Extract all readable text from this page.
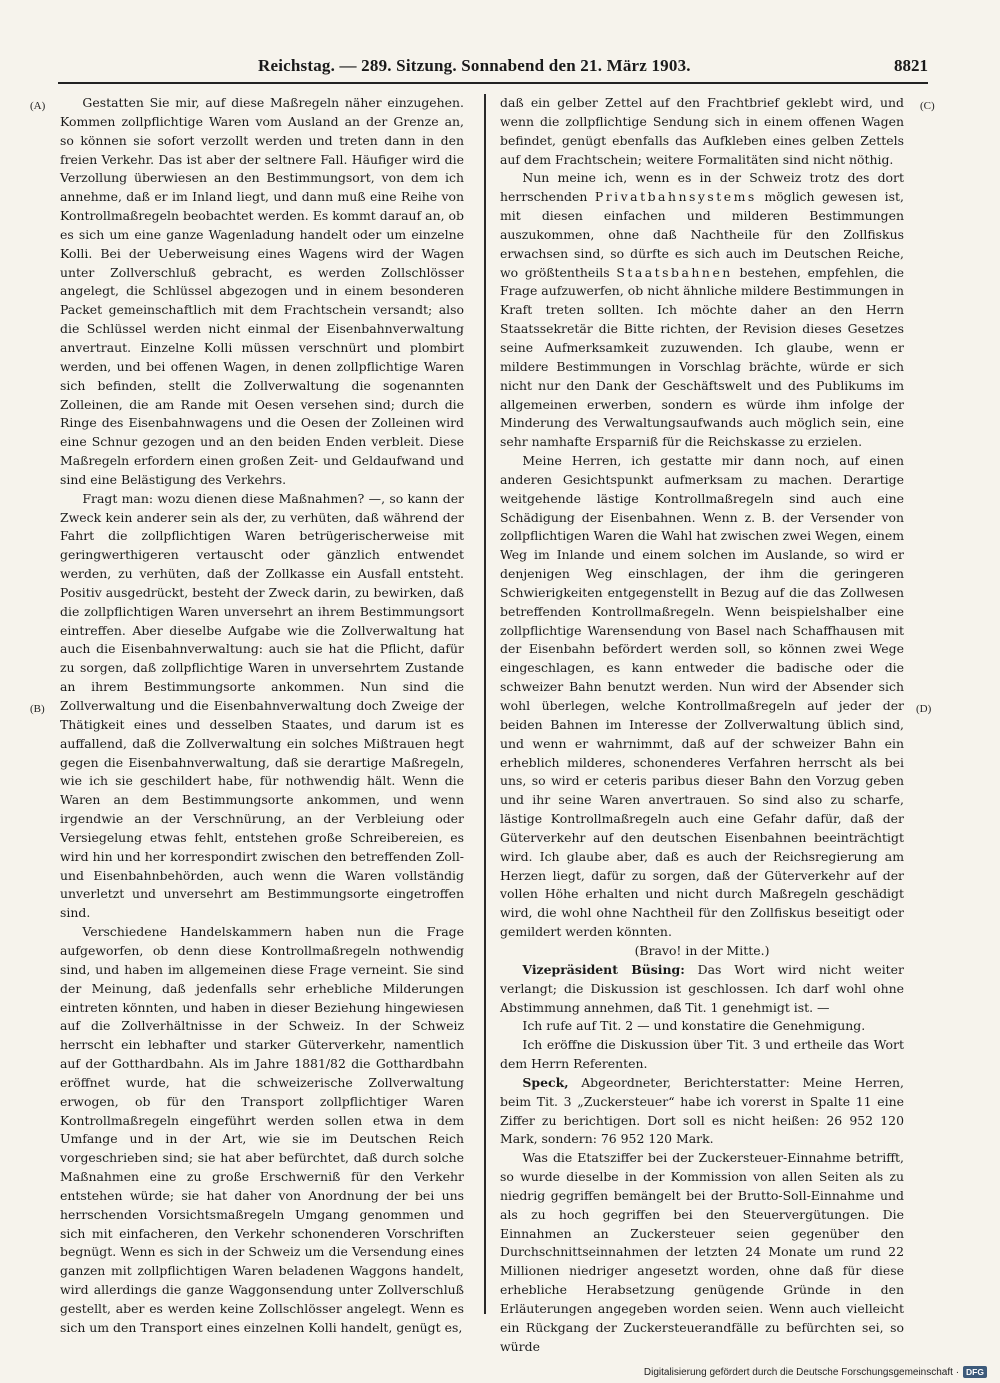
Reichstag. — 289. Sitzung. Sonnabend den 21. März 1903.	8821
(A)
(B)
(C)
(D)

Gestatten Sie mir, auf diese Maßregeln näher einzugehen. Kommen zollpflichtige Waren vom Ausland an der Grenze an, so können sie sofort verzollt werden und treten dann in den freien Verkehr. Das ist aber der seltnere Fall. Häufiger wird die Verzollung überwiesen an den Bestimmungsort, von dem ich annehme, daß er im Inland liegt, und dann muß eine Reihe von Kontrollmaßregeln beobachtet werden. Es kommt darauf an, ob es sich um eine ganze Wagenladung handelt oder um einzelne Kolli. Bei der Ueberweisung eines Wagens wird der Wagen unter Zollverschluß gebracht, es werden Zollschlösser angelegt, die Schlüssel abgezogen und in einem besonderen Packet gemeinschaftlich mit dem Frachtschein versandt; also die Schlüssel werden nicht einmal der Eisenbahnverwaltung anvertraut. Einzelne Kolli müssen verschnürt und plombirt werden, und bei offenen Wagen, in denen zollpflichtige Waren sich befinden, stellt die Zollverwaltung die sogenannten Zolleinen, die am Rande mit Oesen versehen sind; durch die Ringe des Eisenbahnwagens und die Oesen der Zolleinen wird eine Schnur gezogen und an den beiden Enden verbleit. Diese Maßregeln erfordern einen großen Zeit- und Geldaufwand und sind eine Belästigung des Verkehrs.

Fragt man: wozu dienen diese Maßnahmen? —, so kann der Zweck kein anderer sein als der, zu verhüten, daß während der Fahrt die zollpflichtigen Waren betrügerischerweise mit geringwerthigeren vertauscht oder gänzlich entwendet werden, zu verhüten, daß der Zollkasse ein Ausfall entsteht. Positiv ausgedrückt, besteht der Zweck darin, zu bewirken, daß die zollpflichtigen Waren unversehrt an ihrem Bestimmungsort eintreffen. Aber dieselbe Aufgabe wie die Zollverwaltung hat auch die Eisenbahnverwaltung: auch sie hat die Pflicht, dafür zu sorgen, daß zollpflichtige Waren in unversehrtem Zustande an ihrem Bestimmungsorte ankommen. Nun sind die Zollverwaltung und die Eisenbahnverwaltung doch Zweige der Thätigkeit eines und desselben Staates, und darum ist es auffallend, daß die Zollverwaltung ein solches Mißtrauen hegt gegen die Eisenbahnverwaltung, daß sie derartige Maßregeln, wie ich sie geschildert habe, für nothwendig hält. Wenn die Waren an dem Bestimmungsorte ankommen, und wenn irgendwie an der Verschnürung, an der Verbleiung oder Versiegelung etwas fehlt, entstehen große Schreibereien, es wird hin und her korrespondirt zwischen den betreffenden Zoll- und Eisenbahnbehörden, auch wenn die Waren vollständig unverletzt und unversehrt am Bestimmungsorte eingetroffen sind.

Verschiedene Handelskammern haben nun die Frage aufgeworfen, ob denn diese Kontrollmaßregeln nothwendig sind, und haben im allgemeinen diese Frage verneint. Sie sind der Meinung, daß jedenfalls sehr erhebliche Milderungen eintreten könnten, und haben in dieser Beziehung hingewiesen auf die Zollverhältnisse in der Schweiz. In der Schweiz herrscht ein lebhafter und starker Güterverkehr, namentlich auf der Gotthardbahn. Als im Jahre 1881/82 die Gotthardbahn eröffnet wurde, hat die schweizerische Zollverwaltung erwogen, ob für den Transport zollpflichtiger Waren Kontrollmaßregeln eingeführt werden sollen etwa in dem Umfange und in der Art, wie sie im Deutschen Reich vorgeschrieben sind; sie hat aber befürchtet, daß durch solche Maßnahmen eine zu große Erschwerniß für den Verkehr entstehen würde; sie hat daher von Anordnung der bei uns herrschenden Vorsichtsmaßregeln Umgang genommen und sich mit einfacheren, den Verkehr schonenderen Vorschriften begnügt. Wenn es sich in der Schweiz um die Versendung eines ganzen mit zollpflichtigen Waren beladenen Waggons handelt, wird allerdings die ganze Waggonsendung unter Zollverschluß gestellt, aber es werden keine Zollschlösser angelegt. Wenn es sich um den Transport eines einzelnen Kolli handelt, genügt es,

daß ein gelber Zettel auf den Frachtbrief geklebt wird, und wenn die zollpflichtige Sendung sich in einem offenen Wagen befindet, genügt ebenfalls das Aufkleben eines gelben Zettels auf dem Frachtschein; weitere Formalitäten sind nicht nöthig.

Nun meine ich, wenn es in der Schweiz trotz des dort herrschenden Privatbahnsystems möglich gewesen ist, mit diesen einfachen und milderen Bestimmungen auszukommen, ohne daß Nachtheile für den Zollfiskus erwachsen sind, so dürfte es sich auch im Deutschen Reiche, wo größtentheils Staatsbahnen bestehen, empfehlen, die Frage aufzuwerfen, ob nicht ähnliche mildere Bestimmungen in Kraft treten sollten. Ich möchte daher an den Herrn Staatssekretär die Bitte richten, der Revision dieses Gesetzes seine Aufmerksamkeit zuzuwenden. Ich glaube, wenn er mildere Bestimmungen in Vorschlag brächte, würde er sich nicht nur den Dank der Geschäftswelt und des Publikums im allgemeinen erwerben, sondern es würde ihm infolge der Minderung des Verwaltungsaufwands auch möglich sein, eine sehr namhafte Ersparniß für die Reichskasse zu erzielen.

Meine Herren, ich gestatte mir dann noch, auf einen anderen Gesichtspunkt aufmerksam zu machen. Derartige weitgehende lästige Kontrollmaßregeln sind auch eine Schädigung der Eisenbahnen. Wenn z. B. der Versender von zollpflichtigen Waren die Wahl hat zwischen zwei Wegen, einem Weg im Inlande und einem solchen im Auslande, so wird er denjenigen Weg einschlagen, der ihm die geringeren Schwierigkeiten entgegenstellt in Bezug auf die das Zollwesen betreffenden Kontrollmaßregeln. Wenn beispielshalber eine zollpflichtige Warensendung von Basel nach Schaffhausen mit der Eisenbahn befördert werden soll, so können zwei Wege eingeschlagen, es kann entweder die badische oder die schweizer Bahn benutzt werden. Nun wird der Absender sich wohl überlegen, welche Kontrollmaßregeln auf jeder der beiden Bahnen im Interesse der Zollverwaltung üblich sind, und wenn er wahrnimmt, daß auf der schweizer Bahn ein erheblich milderes, schonenderes Verfahren herrscht als bei uns, so wird er ceteris paribus dieser Bahn den Vorzug geben und ihr seine Waren anvertrauen. So sind also zu scharfe, lästige Kontrollmaßregeln auch eine Gefahr dafür, daß der Güterverkehr auf den deutschen Eisenbahnen beeinträchtigt wird. Ich glaube aber, daß es auch der Reichsregierung am Herzen liegt, dafür zu sorgen, daß der Güterverkehr auf der vollen Höhe erhalten und nicht durch Maßregeln geschädigt wird, die wohl ohne Nachtheil für den Zollfiskus beseitigt oder gemildert werden könnten.

(Bravo! in der Mitte.)

Vizepräsident Büsing: Das Wort wird nicht weiter verlangt; die Diskussion ist geschlossen. Ich darf wohl ohne Abstimmung annehmen, daß Tit. 1 genehmigt ist. —

Ich rufe auf Tit. 2 — und konstatire die Genehmigung.

Ich eröffne die Diskussion über Tit. 3 und ertheile das Wort dem Herrn Referenten.

Speck, Abgeordneter, Berichterstatter: Meine Herren, beim Tit. 3 „Zuckersteuer“ habe ich vorerst in Spalte 11 eine Ziffer zu berichtigen. Dort soll es nicht heißen: 26 952 120 Mark, sondern: 76 952 120 Mark.

Was die Etatsziffer bei der Zuckersteuer-Einnahme betrifft, so wurde dieselbe in der Kommission von allen Seiten als zu niedrig gegriffen bemängelt bei der Brutto-Soll-Einnahme und als zu hoch gegriffen bei den Steuervergütungen. Die Einnahmen an Zuckersteuer seien gegenüber den Durchschnittseinnahmen der letzten 24 Monate um rund 22 Millionen niedriger angesetzt worden, ohne daß für diese erhebliche Herabsetzung genügende Gründe in den Erläuterungen angegeben worden seien. Wenn auch vielleicht ein Rückgang der Zuckersteuerandfälle zu befürchten sei, so würde

Digitalisierung gefördert durch die Deutsche Forschungsgemeinschaft · DFG
